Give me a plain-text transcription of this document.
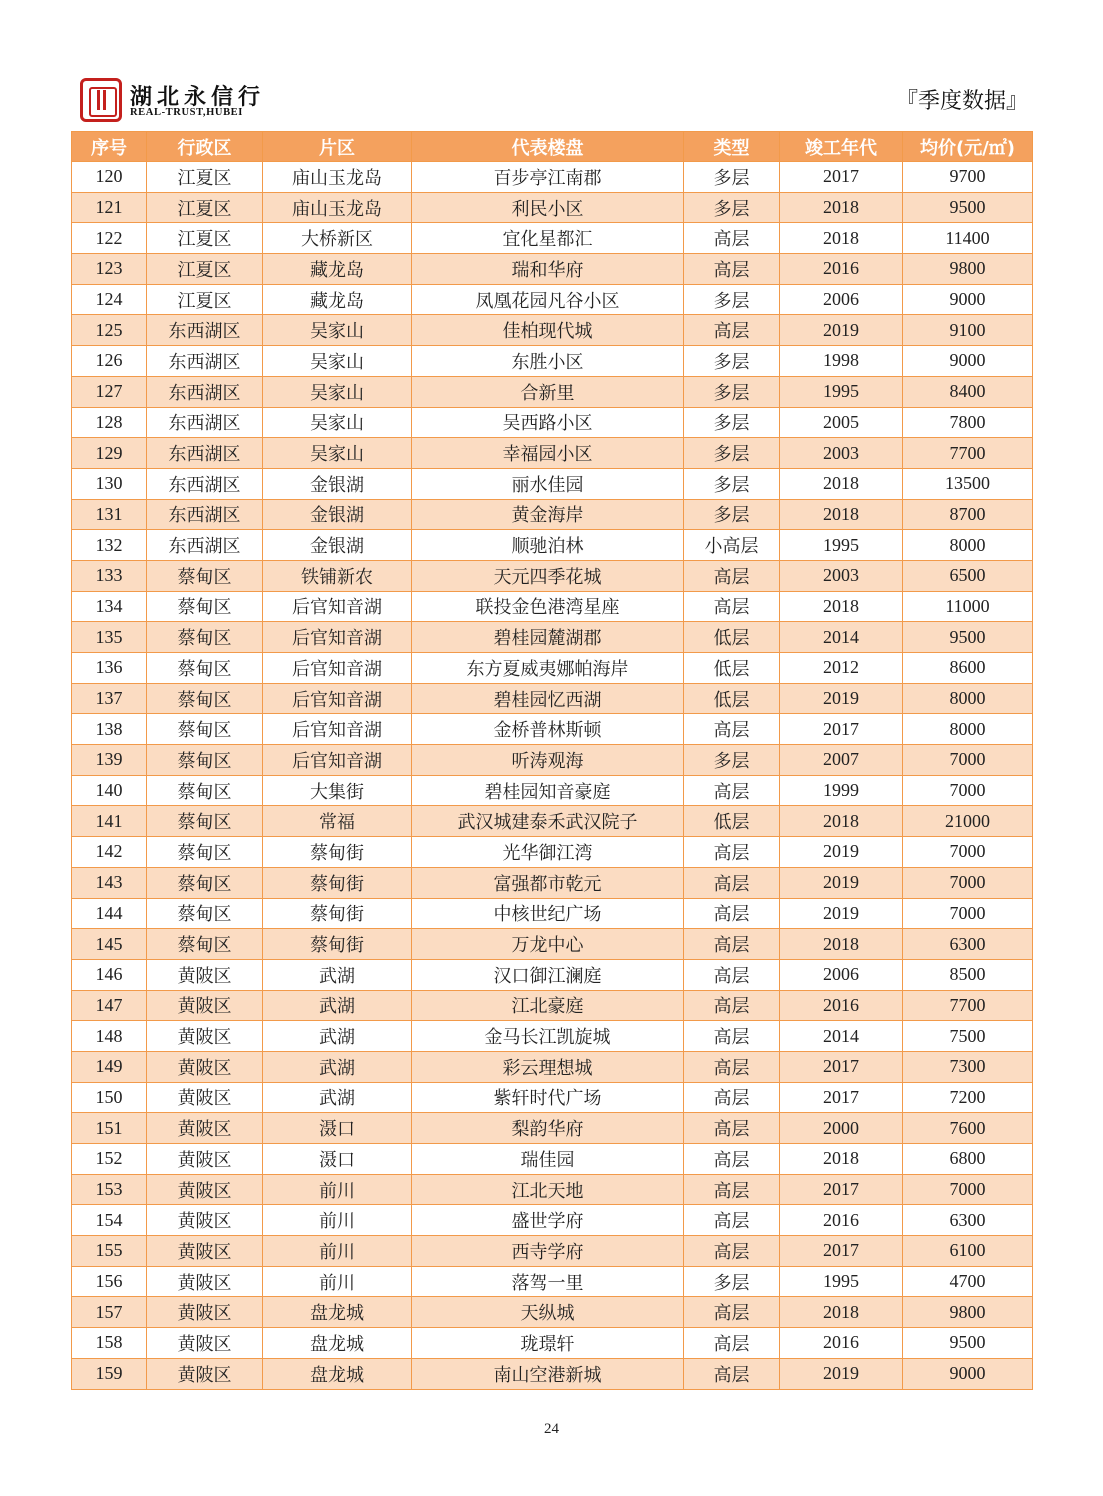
湖北永信行
REAL-TRUST,HUBEI	『季度数据』
序号	行政区	片区	代表楼盘	类型	竣工年代	均价(元/㎡)
120	江夏区	庙山玉龙岛	百步亭江南郡	多层	2017	9700
121	江夏区	庙山玉龙岛	利民小区	多层	2018	9500
122	江夏区	大桥新区	宜化星都汇	高层	2018	11400
123	江夏区	藏龙岛	瑞和华府	高层	2016	9800
124	江夏区	藏龙岛	凤凰花园凡谷小区	多层	2006	9000
125	东西湖区	吴家山	佳柏现代城	高层	2019	9100
126	东西湖区	吴家山	东胜小区	多层	1998	9000
127	东西湖区	吴家山	合新里	多层	1995	8400
128	东西湖区	吴家山	吴西路小区	多层	2005	7800
129	东西湖区	吴家山	幸福园小区	多层	2003	7700
130	东西湖区	金银湖	丽水佳园	多层	2018	13500
131	东西湖区	金银湖	黄金海岸	多层	2018	8700
132	东西湖区	金银湖	顺驰泊林	小高层	1995	8000
133	蔡甸区	铁铺新农	天元四季花城	高层	2003	6500
134	蔡甸区	后官知音湖	联投金色港湾星座	高层	2018	11000
135	蔡甸区	后官知音湖	碧桂园麓湖郡	低层	2014	9500
136	蔡甸区	后官知音湖	东方夏威夷娜帕海岸	低层	2012	8600
137	蔡甸区	后官知音湖	碧桂园忆西湖	低层	2019	8000
138	蔡甸区	后官知音湖	金桥普林斯顿	高层	2017	8000
139	蔡甸区	后官知音湖	听涛观海	多层	2007	7000
140	蔡甸区	大集街	碧桂园知音豪庭	高层	1999	7000
141	蔡甸区	常福	武汉城建泰禾武汉院子	低层	2018	21000
142	蔡甸区	蔡甸街	光华御江湾	高层	2019	7000
143	蔡甸区	蔡甸街	富强都市乾元	高层	2019	7000
144	蔡甸区	蔡甸街	中核世纪广场	高层	2019	7000
145	蔡甸区	蔡甸街	万龙中心	高层	2018	6300
146	黄陂区	武湖	汉口御江澜庭	高层	2006	8500
147	黄陂区	武湖	江北豪庭	高层	2016	7700
148	黄陂区	武湖	金马长江凯旋城	高层	2014	7500
149	黄陂区	武湖	彩云理想城	高层	2017	7300
150	黄陂区	武湖	紫轩时代广场	高层	2017	7200
151	黄陂区	滠口	梨韵华府	高层	2000	7600
152	黄陂区	滠口	瑞佳园	高层	2018	6800
153	黄陂区	前川	江北天地	高层	2017	7000
154	黄陂区	前川	盛世学府	高层	2016	6300
155	黄陂区	前川	西寺学府	高层	2017	6100
156	黄陂区	前川	落驾一里	多层	1995	4700
157	黄陂区	盘龙城	天纵城	高层	2018	9800
158	黄陂区	盘龙城	珑璟轩	高层	2016	9500
159	黄陂区	盘龙城	南山空港新城	高层	2019	9000
24
